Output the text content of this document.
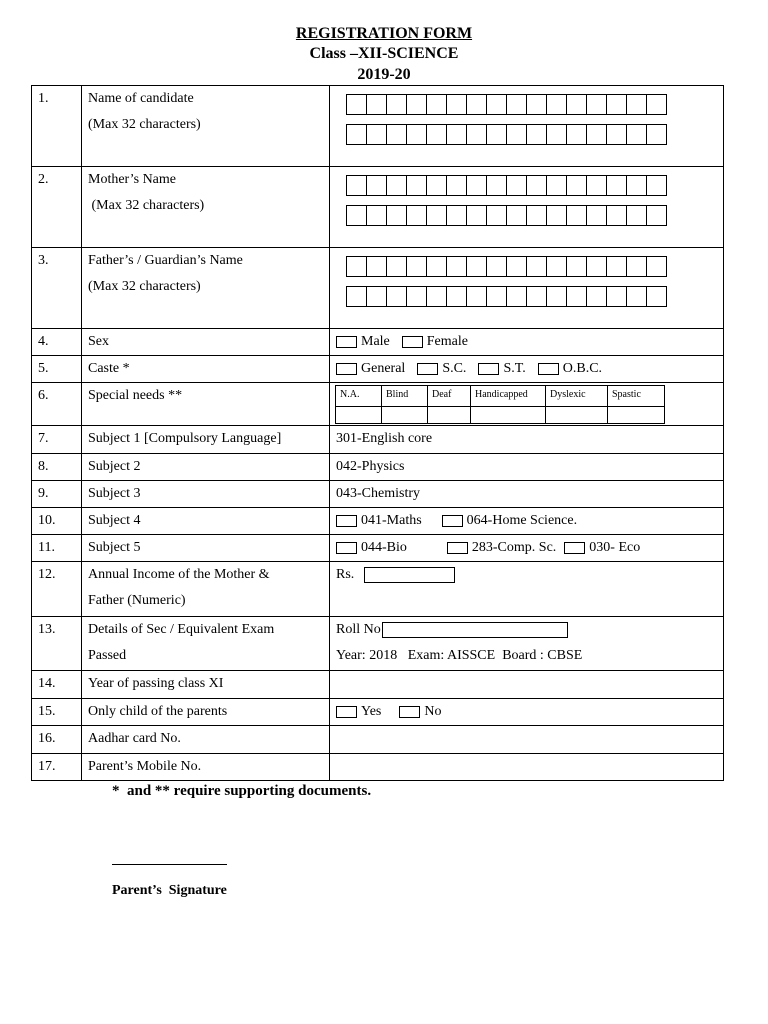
REGISTRATION FORM
Class –XII-SCIENCE
2019-20
1.	Name of candidate
(Max 32 characters)

2.	Mother’s Name
(Max 32 characters)

3.	Father’s / Guardian’s Name
(Max 32 characters)

4.	Sex	Male	Female
5.	Caste *	General	S.C.	S.T.	O.B.C.
6.	Special needs **		N.A.	Blind	Deaf	Handicapped	Dyslexic	Spastic

7.	Subject 1 [Compulsory Language]	301-English core
8.	Subject 2	042-Physics
9.	Subject 3	043-Chemistry
10.	Subject 4	041-Maths	064-Home Science.
11.	Subject 5	044-Bio	283-Comp. Sc. 030- Eco
12.	Annual Income of the Mother &
Father (Numeric)
	Rs.
13.	Details of Sec / Equivalent Exam
Passed

Roll No
Year: 2018   Exam: AISSCE  Board : CBSE

14.	Year of passing class XI	
15.	Only child of the parents	Yes	No
16.	Aadhar card No.	
17.	Parent’s Mobile No.	
*  and ** require supporting documents.
Parent’s  Signature
